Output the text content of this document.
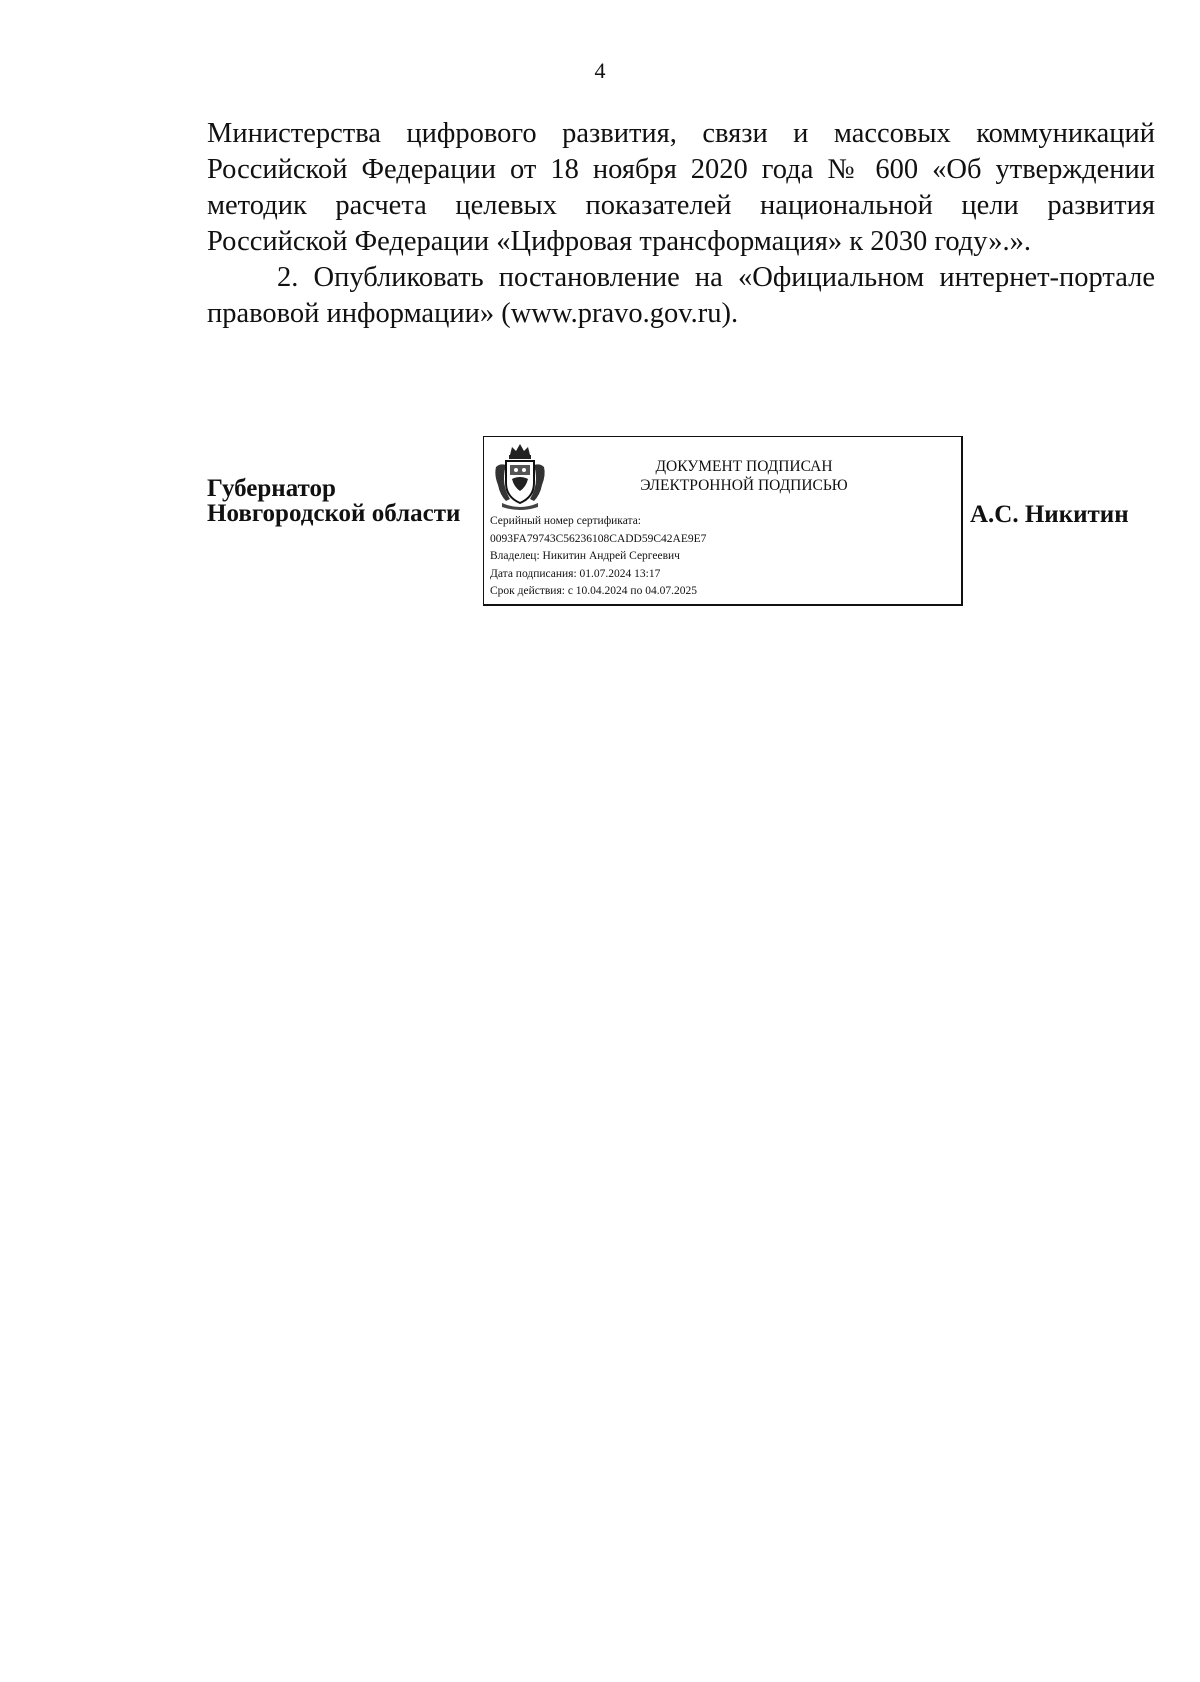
4

Министерства цифрового развития, связи и массовых коммуникаций Российской Федерации от 18 ноября 2020 года № 600 «Об утверждении методик расчета целевых показателей национальной цели развития Российской Федерации «Цифровая трансформация» к 2030 году».».

2. Опубликовать постановление на «Официальном интернет-портале правовой информации» (www.pravo.gov.ru).

Губернатор
Новгородской области
ДОКУМЕНТ ПОДПИСАН
ЭЛЕКТРОННОЙ ПОДПИСЬЮ
Серийный номер сертификата:
0093FA79743C56236108CADD59C42AE9E7
Владелец: Никитин Андрей Сергеевич
Дата подписания: 01.07.2024 13:17
Срок действия: с 10.04.2024 по 04.07.2025
А.С. Никитин
